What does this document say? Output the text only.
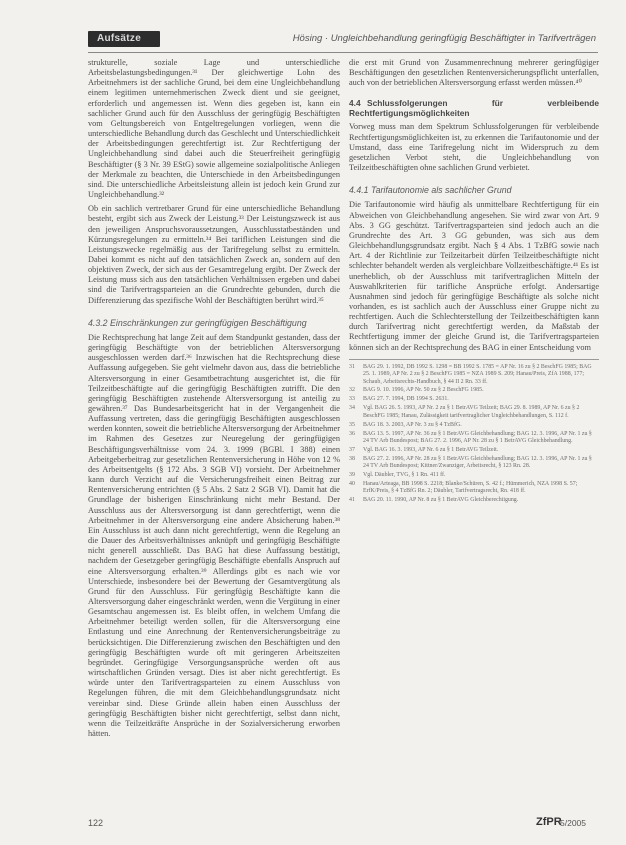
Aufsätze	Hösing · Ungleichbehandlung geringfügig Beschäftigter in Tarifverträgen

strukturelle, soziale Lage und unterschiedliche Arbeitsbelastungsbedingungen.³¹ Der gleichwertige Lohn des Arbeitnehmers ist der sachliche Grund, bei dem eine Ungleichbehandlung einem legitimen unternehmerischen Zweck dient und sie geeignet, erforderlich und angemessen ist. Wenn dies gegeben ist, kann ein sachlicher Grund auch für den Ausschluss der geringfügig Beschäftigten vom Geltungsbereich von Entgeltregelungen vorliegen, wenn die unterschiedliche Behandlung durch das Geschlecht und Unterschiedlichkeit der Arbeitsbedingungen gerechtfertigt ist. Zur Rechtfertigung der Ungleichbehandlung sind dabei auch die Steuerfreiheit geringfügig Beschäftigter (§ 3 Nr. 39 EStG) sowie allgemeine sozialpolitische Anliegen der Merkmale zu beachten, die Unterschiede in den Arbeitsbedingungen sind. Die unterschiedliche Arbeitsleistung allein ist jedoch kein Grund zur Ungleichbehandlung.³²

Ob ein sachlich vertretbarer Grund für eine unterschiedliche Behandlung besteht, ergibt sich aus Zweck der Leistung.³³ Der Leistungszweck ist aus den jeweiligen Anspruchsvoraussetzungen, Ausschlusstatbeständen und Kürzungsregelungen zu ermitteln.³⁴ Bei tariflichen Leistungen sind die Leistungszwecke regelmäßig aus der Tarifregelung selbst zu ermitteln. Dabei kommt es nicht auf den tatsächlichen Zweck an, sondern auf den objektiven Zweck, der sich aus der Gesamtregelung ergibt. Der Zweck der Leistung muss sich aus den tatsächlichen Verhältnissen ergeben und dabei sind die Tarifvertragsparteien an die Grundrechte gebunden, durch die Differenzierung das spezifische Wohl der Beschäftigten berührt wird.³⁵

4.3.2 Einschränkungen zur geringfügigen Beschäftigung

Die Rechtsprechung hat lange Zeit auf dem Standpunkt gestanden, dass der geringfügig Beschäftigte von der betrieblichen Altersversorgung ausgeschlossen werden darf.³⁶ Inzwischen hat die Rechtsprechung diese Auffassung aufgegeben. Sie geht vielmehr davon aus, dass die betriebliche Altersversorgung in einer Gesamtbetrachtung ausgerichtet ist, die für Teilzeitbeschäftigte auf die geringfügig Beschäftigten zutrifft. Die den geringfügig Beschäftigten zustehende Altersversorgung ist anteilig zu gewähren.³⁷ Das Bundesarbeitsgericht hat in der Vergangenheit die Auffassung vertreten, dass die geringfügig Beschäftigten ausgeschlossen werden konnten, soweit die betriebliche Altersversorgung der Arbeitnehmer im Rahmen des Gesetzes zur Neuregelung der geringfügigen Beschäftigungsverhältnisse vom 24. 3. 1999 (BGBl. I 388) einen Arbeitgeberbeitrag zur gesetzlichen Rentenversicherung in Höhe von 12 % des Arbeitsentgelts (§ 172 Abs. 3 SGB VI) vorsieht. Der Arbeitnehmer kann durch Verzicht auf die Versicherungsfreiheit einen Beitrag zur Rentenversicherung entrichten (§ 5 Abs. 2 Satz 2 SGB VI). Damit hat die Grundlage der bisherigen Einschränkung nicht mehr Bestand. Der Ausschluss aus der Altersversorgung ist dann gerechtfertigt, wenn die Arbeitnehmer in der Altersversorgung eine andere Absicherung haben.³⁸ Ein Ausschluss ist auch dann nicht gerechtfertigt, wenn die Regelung an die Dauer des Arbeitsverhältnisses anknüpft und geringfügig Beschäftigte nicht generell ausschließt. Das BAG hat diese Auffassung bestätigt, nachdem der Gesetzgeber geringfügig Beschäftigte ebenfalls Anspruch auf eine Altersversorgung erhalten.³⁹ Allerdings gibt es nach wie vor Unterschiede, insbesondere bei der Bewertung der Gesamtvergütung als Grund für den Ausschluss. Für geringfügig Beschäftigte kann die Altersversorgung daher eingeschränkt werden, wenn die Vergütung in einer Gesamtschau angemessen ist. Es bleibt offen, in welchem Umfang die Arbeitnehmer beteiligt werden sollen, für die Altersversorgung eine Entlastung und eine Anrechnung der Rentenversicherungsbeiträge zu berücksichtigen. Die Differenzierung zwischen den Beschäftigten und den geringfügig Beschäftigten wurde oft mit geringeren Arbeitszeiten begründet. Geringfügige Versorgungsansprüche werden oft aus wirtschaftlichen Gründen versagt. Dies ist aber nicht gerechtfertigt. Es würde unter den Tarifvertragsparteien zu einem Ausschluss von Regelungen führen, die mit dem Gleichbehandlungsgrundsatz nicht vereinbar sind. Diese Gründe allein haben einen Ausschluss der geringfügig Beschäftigten bisher nicht gerechtfertigt, selbst dann nicht, wenn die Teilzeitkräfte Ansprüche in der Sozialversicherung erworben hätten.

die erst mit Grund von Zusammenrechnung mehrerer geringfügiger Beschäftigungen den gesetzlichen Rentenversicherungspflicht unterfallen, auch von der betrieblichen Altersversorgung erfasst werden müssen.⁴⁰

4.4 Schlussfolgerungen für verbleibende Rechtfertigungsmöglichkeiten

Vorweg muss man dem Spektrum Schlussfolgerungen für verbleibende Rechtfertigungsmöglichkeiten ist, zu erkennen die Tarifautonomie und der Umstand, dass eine Tarifregelung nicht im Widerspruch zu dem gesetzlichen Verbot steht, die Ungleichbehandlung von Teilzeitbeschäftigten ohne sachlichen Grund verbietet.

4.4.1 Tarifautonomie als sachlicher Grund

Die Tarifautonomie wird häufig als unmittelbare Rechtfertigung für ein Abweichen von Gleichbehandlung angesehen. Sie wird zwar von Art. 9 Abs. 3 GG geschützt. Tarifvertragsparteien sind jedoch auch an die Grundrechte des Art. 3 GG gebunden, was sich aus dem Gleichbehandlungsgrundsatz ergibt. Nach § 4 Abs. 1 TzBfG sowie nach Art. 4 der Richtlinie zur Teilzeitarbeit dürfen Teilzeitbeschäftigte nicht schlechter behandelt werden als vergleichbare Vollzeitbeschäftigte.⁴¹ Es ist unerheblich, ob der Ausschluss mit tarifvertraglichen Mitteln der Auswahlkriterien für tarifliche Ansprüche erfolgt. Andersartige Ausnahmen sind jedoch für geringfügige Beschäftigte als solche nicht vorhanden, es ist sachlich auch der Ausschluss einer Gruppe nicht zu rechtfertigen. Auch die Schlechterstellung der Teilzeitbeschäftigten kann durch Tarifvertrag nicht gerechtfertigt werden, da Maßstab der Rechtfertigung immer der gleiche Grund ist, die Tarifvertragsparteien können sich an der Rechtsprechung des BAG in einer Entscheidung vom

31 BAG 29. 1. 1992, DB 1992 S. 1298 = BB 1992 S. 1785 = AP Nr. 16 zu § 2 BeschFG 1985; BAG 25. 1. 1989, AP Nr. 2 zu § 2 BeschFG 1985 = NZA 1989 S. 209; Hanau/Preis, ZfA 1988, 177; Schaub, Arbeitsrechts-Handbuch, § 44 II 2 Rn. 33 ff.
32 BAG 9. 10. 1996, AP Nr. 50 zu § 2 BeschFG 1985.
33 BAG 27. 7. 1994, DB 1994 S. 2631.
34 Vgl. BAG 26. 5. 1993, AP Nr. 2 zu § 1 BetrAVG Teilzeit; BAG 29. 8. 1989, AP Nr. 6 zu § 2 BeschFG 1985; Hanau, Zulässigkeit tarifvertraglicher Ungleichbehandlungen, S. 112 f.
35 BAG 18. 3. 2003, AP Nr. 3 zu § 4 TzBfG.
36 BAG 13. 5. 1997, AP Nr. 36 zu § 1 BetrAVG Gleichbehandlung; BAG 12. 3. 1996, AP Nr. 1 zu § 24 TV Arb Bundespost; BAG 27. 2. 1996, AP Nr. 28 zu § 1 BetrAVG Gleichbehandlung.
37 Vgl. BAG 16. 3. 1993, AP Nr. 6 zu § 1 BetrAVG Teilzeit.
38 BAG 27. 2. 1996, AP Nr. 28 zu § 1 BetrAVG Gleichbehandlung; BAG 12. 3. 1996, AP Nr. 1 zu § 24 TV Arb Bundespost; Kittner/Zwanziger, Arbeitsrecht, § 123 Rn. 28.
39 Vgl. Däubler, TVG, § 1 Rn. 411 ff.
40 Hanau/Arteaga, BB 1998 S. 2218; Blanke/Schüren, S. 42 f.; Hümmerich, NZA 1998 S. 57; ErfK/Preis, § 4 TzBfG Rn. 2; Däubler, Tarifvertragsrecht, Rn. 418 ff.
41 BAG 20. 11. 1990, AP Nr. 8 zu § 1 BetrAVG Gleichberechtigung.
122	ZfPR
5/2005
